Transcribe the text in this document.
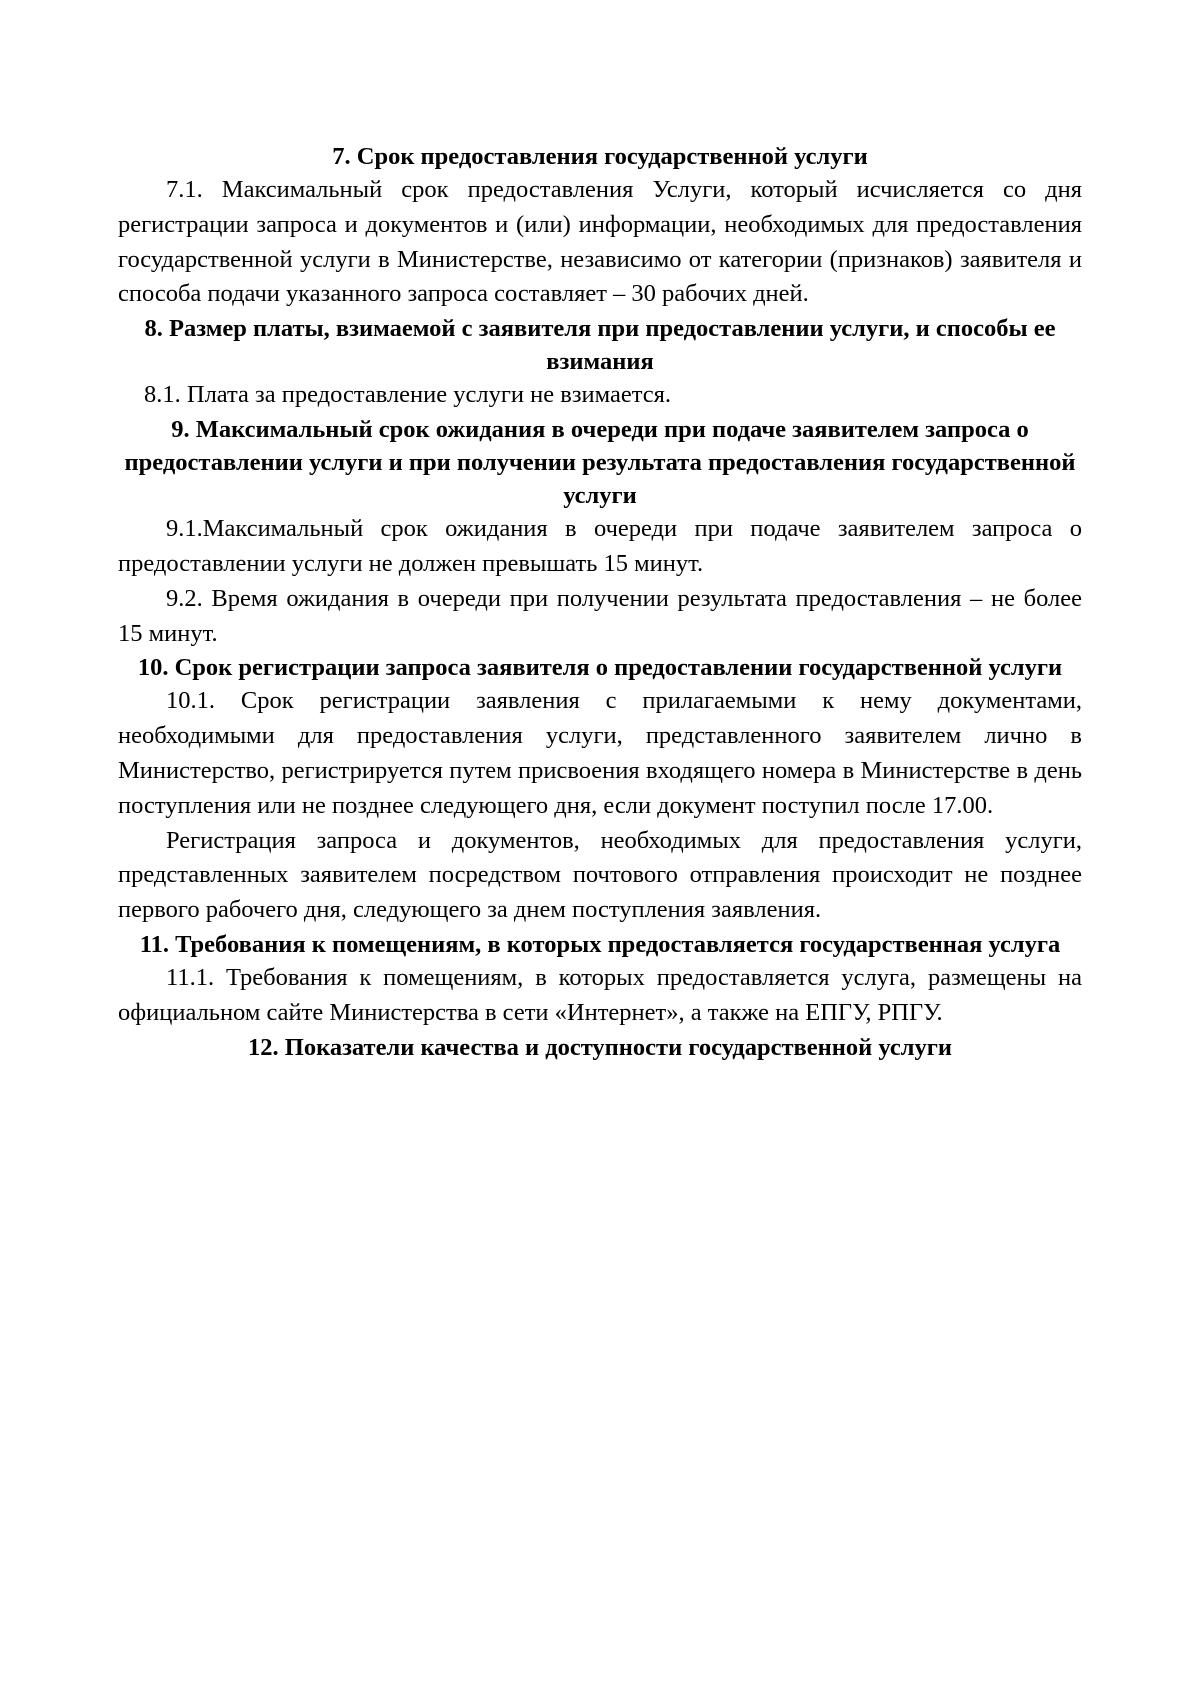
7. Срок предоставления государственной услуги

7.1. Максимальный срок предоставления Услуги, который исчисляется со дня регистрации запроса и документов и (или) информации, необходимых для предоставления государственной услуги в Министерстве, независимо от категории (признаков) заявителя и способа подачи указанного запроса составляет – 30 рабочих дней.

8. Размер платы, взимаемой с заявителя при предоставлении услуги, и способы ее взимания

8.1. Плата за предоставление услуги не взимается.

9. Максимальный срок ожидания в очереди при подаче заявителем запроса о предоставлении услуги и при получении результата предоставления государственной услуги

9.1.Максимальный срок ожидания в очереди при подаче заявителем запроса о предоставлении услуги не должен превышать 15 минут.

9.2. Время ожидания в очереди при получении результата предоставления – не более 15 минут.

10. Срок регистрации запроса заявителя о предоставлении государственной услуги

10.1. Срок регистрации заявления с прилагаемыми к нему документами, необходимыми для предоставления услуги, представленного заявителем лично в Министерство, регистрируется путем присвоения входящего номера в Министерстве в день поступления или не позднее следующего дня, если документ поступил после 17.00.

Регистрация запроса и документов, необходимых для предоставления услуги, представленных заявителем посредством почтового отправления происходит не позднее первого рабочего дня, следующего за днем поступления заявления.

11. Требования к помещениям, в которых предоставляется государственная услуга

11.1. Требования к помещениям, в которых предоставляется услуга, размещены на официальном сайте Министерства в сети «Интернет», а также на ЕПГУ, РПГУ.

12. Показатели качества и доступности государственной услуги
